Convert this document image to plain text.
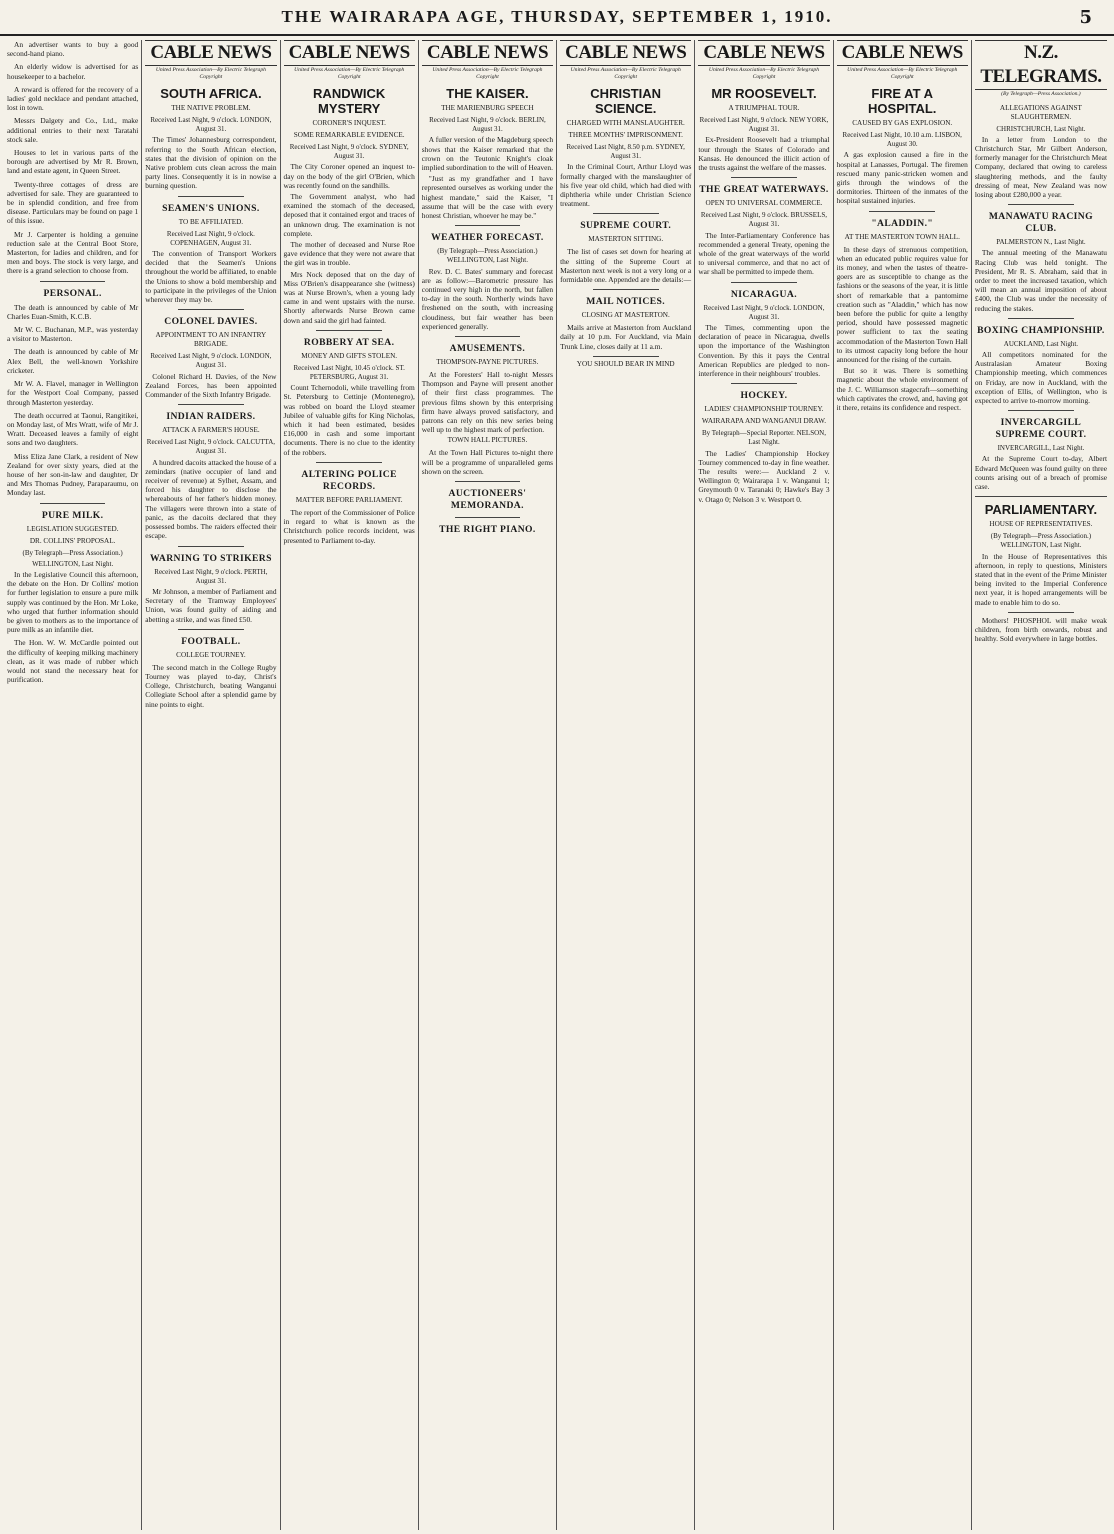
THE WAIRARAPA AGE, THURSDAY, SEPTEMBER 1, 1910.	5

An advertiser wants to buy a good second-hand piano.

An elderly widow is advertised for as housekeeper to a bachelor.

A reward is offered for the recovery of a ladies' gold necklace and pendant attached, lost in town.

Messrs Dalgety and Co., Ltd., make additional entries to their next Taratahi stock sale.

Houses to let in various parts of the borough are advertised by Mr R. Brown, land and estate agent, in Queen Street.

Twenty-three cottages of dress are advertised for sale. They are guaranteed to be in splendid condition, and free from disease. Particulars may be found on page 1 of this issue.

Mr J. Carpenter is holding a genuine reduction sale at the Central Boot Store, Masterton, for ladies and children, and for men and boys. The stock is very large, and there is a grand selection to choose from.

PERSONAL.

The death is announced by cable of Mr Charles Euan-Smith, K.C.B.

Mr W. C. Buchanan, M.P., was yesterday a visitor to Masterton.

The death is announced by cable of Mr Alex Bell, the well-known Yorkshire cricketer.

Mr W. A. Flavel, manager in Wellington for the Westport Coal Company, passed through Masterton yesterday.

The death occurred at Taonui, Rangitikei, on Monday last, of Mrs Wratt, wife of Mr J. Wratt. Deceased leaves a family of eight sons and two daughters.

Miss Eliza Jane Clark, a resident of New Zealand for over sixty years, died at the house of her son-in-law and daughter, Dr and Mrs Thomas Pudney, Paraparaumu, on Monday last.

PURE MILK.
LEGISLATION SUGGESTED.
DR. COLLINS' PROPOSAL.
(By Telegraph—Press Association.)
WELLINGTON, Last Night.

In the Legislative Council this afternoon, the debate on the Hon. Dr Collins' motion for further legislation to ensure a pure milk supply was continued by the Hon. Mr Loke, who urged that further information should be given to mothers as to the importance of pure milk as an infantile diet.

The Hon. W. W. McCardle pointed out the difficulty of keeping milking machinery clean, as it was made of rubber which would not stand the necessary heat for purification.

CABLE NEWS
United Press Association—By Electric Telegraph Copyright
SOUTH AFRICA.
THE NATIVE PROBLEM.
Received Last Night, 9 o'clock. LONDON, August 31.

The Times' Johannesburg correspondent, referring to the South African election, states that the division of opinion on the Native problem cuts clean across the main party lines. Consequently it is in nowise a burning question.

SEAMEN'S UNIONS.
TO BE AFFILIATED.
Received Last Night, 9 o'clock. COPENHAGEN, August 31.

The convention of Transport Workers decided that the Seamen's Unions throughout the world be affiliated, to enable the Unions to show a bold membership and to participate in the privileges of the Union wherever they may be.

COLONEL DAVIES.
APPOINTMENT TO AN INFANTRY BRIGADE.
Received Last Night, 9 o'clock. LONDON, August 31.

Colonel Richard H. Davies, of the New Zealand Forces, has been appointed Commander of the Sixth Infantry Brigade.

INDIAN RAIDERS.
ATTACK A FARMER'S HOUSE.
Received Last Night, 9 o'clock. CALCUTTA, August 31.

A hundred dacoits attacked the house of a zemindars (native occupier of land and receiver of revenue) at Sylhet, Assam, and forced his daughter to disclose the whereabouts of her father's hidden money. The villagers were thrown into a state of panic, as the dacoits declared that they possessed bombs. The raiders effected their escape.

WARNING TO STRIKERS
Received Last Night, 9 o'clock. PERTH, August 31.

Mr Johnson, a member of Parliament and Secretary of the Tramway Employees' Union, was found guilty of aiding and abetting a strike, and was fined £50.

FOOTBALL.
COLLEGE TOURNEY.

The second match in the College Rugby Tourney was played to-day, Christ's College, Christchurch, beating Wanganui Collegiate School after a splendid game by nine points to eight.

CABLE NEWS
United Press Association—By Electric Telegraph Copyright
RANDWICK MYSTERY
CORONER'S INQUEST.
SOME REMARKABLE EVIDENCE.
Received Last Night, 9 o'clock. SYDNEY, August 31.

The City Coroner opened an inquest to-day on the body of the girl O'Brien, which was recently found on the sandhills.

The Government analyst, who had examined the stomach of the deceased, deposed that it contained ergot and traces of an unknown drug. The examination is not complete.

The mother of deceased and Nurse Roe gave evidence that they were not aware that the girl was in trouble.

Mrs Nock deposed that on the day of Miss O'Brien's disappearance she (witness) was at Nurse Brown's, when a young lady came in and went upstairs with the nurse. Shortly afterwards Nurse Brown came down and said the girl had fainted.

ROBBERY AT SEA.
MONEY AND GIFTS STOLEN.
Received Last Night, 10.45 o'clock. ST. PETERSBURG, August 31.

Count Tchernodoli, while travelling from St. Petersburg to Cettinje (Montenegro), was robbed on board the Lloyd steamer Jubilee of valuable gifts for King Nicholas, which it had been estimated, besides £16,000 in cash and some important documents. There is no clue to the identity of the robbers.

ALTERING POLICE RECORDS.
MATTER BEFORE PARLIAMENT.

The report of the Commissioner of Police in regard to what is known as the Christchurch police records incident, was presented to Parliament to-day.

CABLE NEWS
United Press Association—By Electric Telegraph Copyright
THE KAISER.
THE MARIENBURG SPEECH
Received Last Night, 9 o'clock. BERLIN, August 31.

A fuller version of the Magdeburg speech shows that the Kaiser remarked that the crown on the Teutonic Knight's cloak implied subordination to the will of Heaven.

"Just as my grandfather and I have represented ourselves as working under the highest mandate," said the Kaiser, "I assume that will be the case with every honest Christian, whoever he may be."

WEATHER FORECAST.
(By Telegraph—Press Association.) WELLINGTON, Last Night.

Rev. D. C. Bates' summary and forecast are as follow:—Barometric pressure has continued very high in the north, but fallen to-day in the south. Northerly winds have freshened on the south, with increasing cloudiness, but fair weather has been experienced generally.

AMUSEMENTS.
THOMPSON-PAYNE PICTURES.

At the Foresters' Hall to-night Messrs Thompson and Payne will present another of their first class programmes. The previous films shown by this enterprising firm have always proved satisfactory, and patrons can rely on this new series being well up to the highest mark of perfection.

TOWN HALL PICTURES.

At the Town Hall Pictures to-night there will be a programme of unparalleled gems shown on the screen.

AUCTIONEERS' MEMORANDA.
THE RIGHT PIANO.
CABLE NEWS
United Press Association—By Electric Telegraph Copyright
CHRISTIAN SCIENCE.
CHARGED WITH MANSLAUGHTER.
THREE MONTHS' IMPRISONMENT.
Received Last Night, 8.50 p.m. SYDNEY, August 31.

In the Criminal Court, Arthur Lloyd was formally charged with the manslaughter of his five year old child, which had died with diphtheria while under Christian Science treatment.

SUPREME COURT.
MASTERTON SITTING.

The list of cases set down for hearing at the sitting of the Supreme Court at Masterton next week is not a very long or a formidable one. Appended are the details:—

MAIL NOTICES.
CLOSING AT MASTERTON.

Mails arrive at Masterton from Auckland daily at 10 p.m. For Auckland, via Main Trunk Line, closes daily at 11 a.m.

YOU SHOULD BEAR IN MIND
CABLE NEWS
United Press Association—By Electric Telegraph Copyright
MR ROOSEVELT.
A TRIUMPHAL TOUR.
Received Last Night, 9 o'clock. NEW YORK, August 31.

Ex-President Roosevelt had a triumphal tour through the States of Colorado and Kansas. He denounced the illicit action of the trusts against the welfare of the masses.

THE GREAT WATERWAYS.
OPEN TO UNIVERSAL COMMERCE.
Received Last Night, 9 o'clock. BRUSSELS, August 31.

The Inter-Parliamentary Conference has recommended a general Treaty, opening the whole of the great waterways of the world to universal commerce, and that no act of war shall be permitted to impede them.

NICARAGUA.
Received Last Night, 9 o'clock. LONDON, August 31.

The Times, commenting upon the declaration of peace in Nicaragua, dwells upon the importance of the Washington Convention. By this it pays the Central American Republics are pledged to non-interference in their neighbours' troubles.

HOCKEY.
LADIES' CHAMPIONSHIP TOURNEY.
WAIRARAPA AND WANGANUI DRAW.
By Telegraph—Special Reporter. NELSON, Last Night.

The Ladies' Championship Hockey Tourney commenced to-day in fine weather. The results were:— Auckland 2 v. Wellington 0; Wairarapa 1 v. Wanganui 1; Greymouth 0 v. Taranaki 0; Hawke's Bay 3 v. Otago 0; Nelson 3 v. Westport 0.

CABLE NEWS
United Press Association—By Electric Telegraph Copyright
FIRE AT A HOSPITAL.
CAUSED BY GAS EXPLOSION.
Received Last Night, 10.10 a.m. LISBON, August 30.

A gas explosion caused a fire in the hospital at Lanasses, Portugal. The firemen rescued many panic-stricken women and girls through the windows of the dormitories. Thirteen of the inmates of the hospital sustained injuries.

"ALADDIN."
AT THE MASTERTON TOWN HALL.

In these days of strenuous competition, when an educated public requires value for its money, and when the tastes of theatre-goers are as susceptible to change as the fashions or the seasons of the year, it is little short of remarkable that a pantomime creation such as "Aladdin," which has now been before the public for quite a lengthy period, should have possessed magnetic power sufficient to tax the seating accommodation of the Masterton Town Hall to its utmost capacity long before the hour announced for the rising of the curtain.

But so it was. There is something magnetic about the whole environment of the J. C. Williamson stagecraft—something which captivates the crowd, and, having got it there, retains its confidence and respect.

N.Z. TELEGRAMS.
(By Telegraph—Press Association.)
ALLEGATIONS AGAINST SLAUGHTERMEN.
CHRISTCHURCH, Last Night.

In a letter from London to the Christchurch Star, Mr Gilbert Anderson, formerly manager for the Christchurch Meat Company, declared that owing to careless slaughtering methods, and the faulty dressing of meat, New Zealand was now losing about £280,000 a year.

MANAWATU RACING CLUB.
PALMERSTON N., Last Night.

The annual meeting of the Manawatu Racing Club was held tonight. The President, Mr R. S. Abraham, said that in order to meet the increased taxation, which will mean an annual imposition of about £400, the Club was under the necessity of reducing the stakes.

BOXING CHAMPIONSHIP.
AUCKLAND, Last Night.

All competitors nominated for the Australasian Amateur Boxing Championship meeting, which commences on Friday, are now in Auckland, with the exception of Ellis, of Wellington, who is expected to arrive to-morrow morning.

INVERCARGILL SUPREME COURT.
INVERCARGILL, Last Night.

At the Supreme Court to-day, Albert Edward McQueen was found guilty on three counts arising out of a breach of promise case.

PARLIAMENTARY.
HOUSE OF REPRESENTATIVES.
(By Telegraph—Press Association.) WELLINGTON, Last Night.

In the House of Representatives this afternoon, in reply to questions, Ministers stated that in the event of the Prime Minister being invited to the Imperial Conference next year, it is hoped arrangements will be made to enable him to do so.

Mothers! PHOSPHOL will make weak children, from birth onwards, robust and healthy. Sold everywhere in large bottles.
